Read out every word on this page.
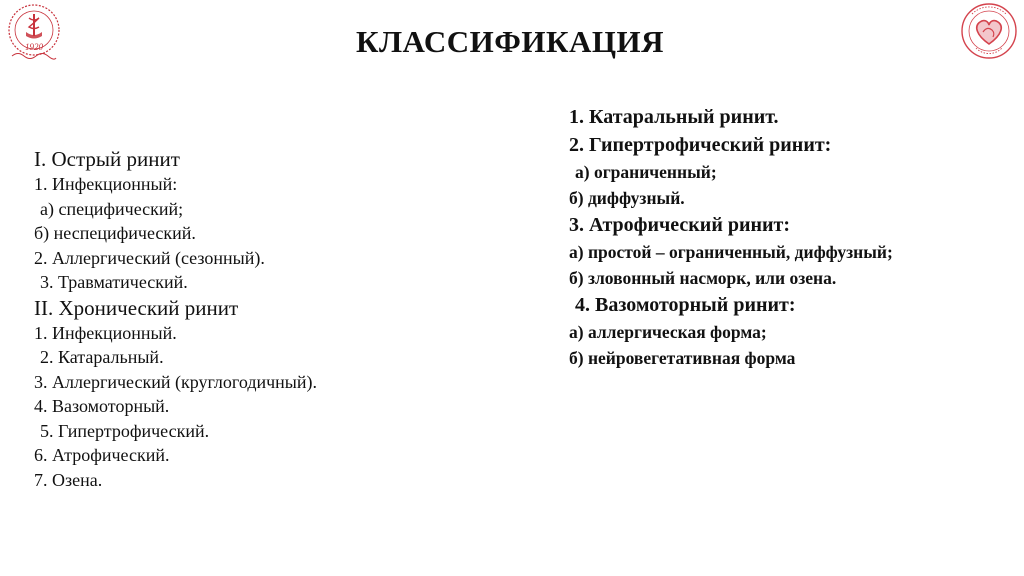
1920	КЛАССИФИКАЦИЯ
I. Острый ринит
1. Инфекционный:
а) специфический;
б) неспецифический.
2. Аллергический (сезонный).
3. Травматический.
II. Хронический ринит
1. Инфекционный.
2. Катаральный.
3. Аллергический (круглогодичный).
4. Вазомоторный.
5. Гипертрофический.
6. Атрофический.
7. Озена.
1. Катаральный ринит.
2. Гипертрофический ринит:
а) ограниченный;
б) диффузный.
3. Атрофический ринит:
а) простой – ограниченный, диффузный;
б) зловонный насморк, или озена.
4. Вазомоторный ринит:
а) аллергическая форма;
б) нейровегетативная форма
